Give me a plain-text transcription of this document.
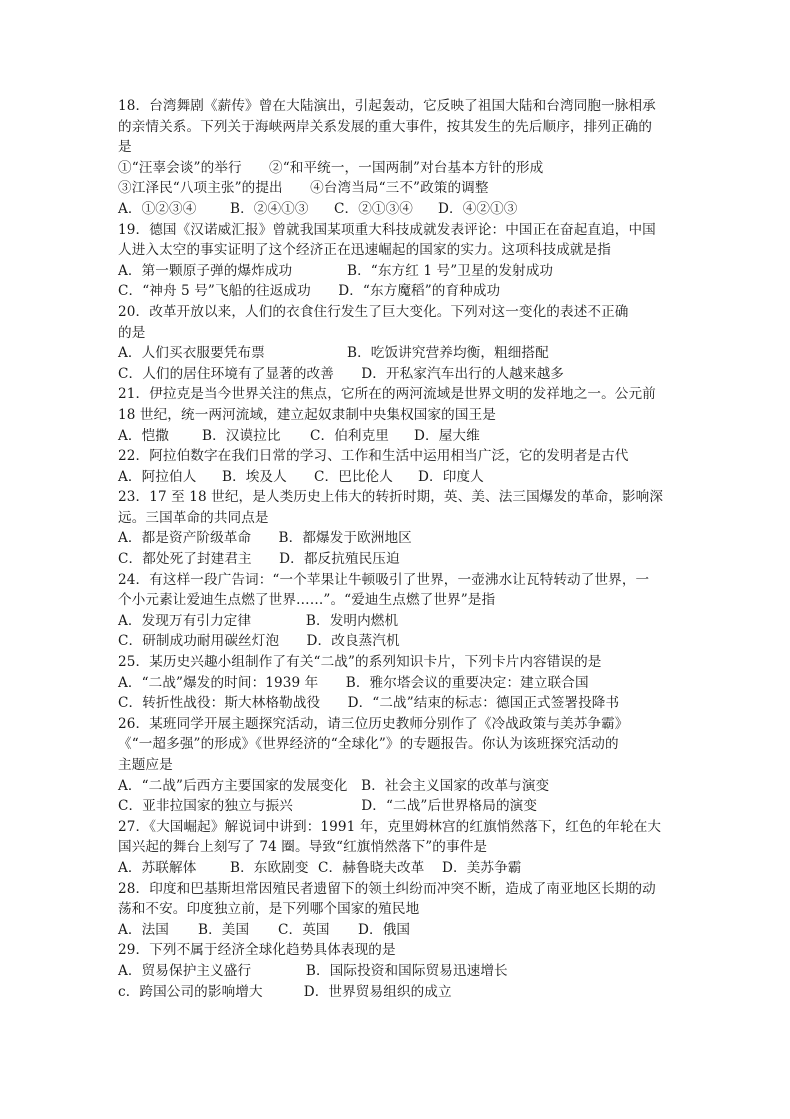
18．台湾舞剧《薪传》曾在大陆演出，引起轰动，它反映了祖国大陆和台湾同胞一脉相承
的亲情关系。下列关于海峡两岸关系发展的重大事件，按其发生的先后顺序，排列正确的
是
①“汪辜会谈”的举行　　②“和平统一，一国两制”对台基本方针的形成
③江泽民“八项主张”的提出　　④台湾当局“三不”政策的调整
A．①②③④ B．②④①③ C．②①③④ D．④②①③
19．德国《汉诺威汇报》曾就我国某项重大科技成就发表评论：中国正在奋起直追，中国
人进入太空的事实证明了这个经济正在迅速崛起的国家的实力。这项科技成就是指
A．第一颗原子弹的爆炸成功　　　　B．“东方红 1 号”卫星的发射成功
C．“神舟 5 号”飞船的往返成功　　D．“东方魔稻”的育种成功
20．改革开放以来，人们的衣食住行发生了巨大变化。下列对这一变化的表述不正确
的是
A．人们买衣服要凭布票　　　　　　B．吃饭讲究营养均衡，粗细搭配
C．人们的居住环境有了显著的改善　　D．开私家汽车出行的人越来越多
21．伊拉克是当今世界关注的焦点，它所在的两河流域是世界文明的发祥地之一。公元前
18 世纪，统一两河流域，建立起奴隶制中央集权国家的国王是
A．恺撒 B．汉谟拉比 C．伯利克里 D．屋大维
22．阿拉伯数字在我们日常的学习、工作和生活中运用相当广泛，它的发明者是古代
A．阿拉伯人 B．埃及人 C．巴比伦人 D．印度人
23．17 至 18 世纪，是人类历史上伟大的转折时期，英、美、法三国爆发的革命，影响深
远。三国革命的共同点是
A．都是资产阶级革命　　B．都爆发于欧洲地区
C．都处死了封建君主　　D．都反抗殖民压迫
24．有这样一段广告词：“一个苹果让牛顿吸引了世界，一壶沸水让瓦特转动了世界，一
个小元素让爱迪生点燃了世界……”。“爱迪生点燃了世界”是指
A．发现万有引力定律　　　　B．发明内燃机
C．研制成功耐用碳丝灯泡　　D．改良蒸汽机
25．某历史兴趣小组制作了有关“二战”的系列知识卡片，下列卡片内容错误的是
A．“二战”爆发的时间：1939 年　　B．雅尔塔会议的重要决定：建立联合国
C．转折性战役：斯大林格勒战役　　D．“二战”结束的标志：德国正式签署投降书
26．某班同学开展主题探究活动，请三位历史教师分别作了《冷战政策与美苏争霸》
《“一超多强”的形成》《世界经济的“全球化”》的专题报告。你认为该班探究活动的
主题应是
A．“二战”后西方主要国家的发展变化　B．社会主义国家的改革与演变
C．亚非拉国家的独立与振兴　　　　　D．“二战”后世界格局的演变
27．《大国崛起》解说词中讲到：1991 年，克里姆林宫的红旗悄然落下，红色的年轮在大
国兴起的舞台上刻写了 74 圈。导致“红旗悄然落下”的事件是
A．苏联解体 B．东欧剧变 C．赫鲁晓夫改革 D．美苏争霸
28．印度和巴基斯坦常因殖民者遗留下的领土纠纷而冲突不断，造成了南亚地区长期的动
荡和不安。印度独立前，是下列哪个国家的殖民地
A．法国 B．美国 C．英国 D．俄国
29．下列不属于经济全球化趋势具体表现的是
A．贸易保护主义盛行　　　　B．国际投资和国际贸易迅速增长
c．跨国公司的影响增大　　　D．世界贸易组织的成立
